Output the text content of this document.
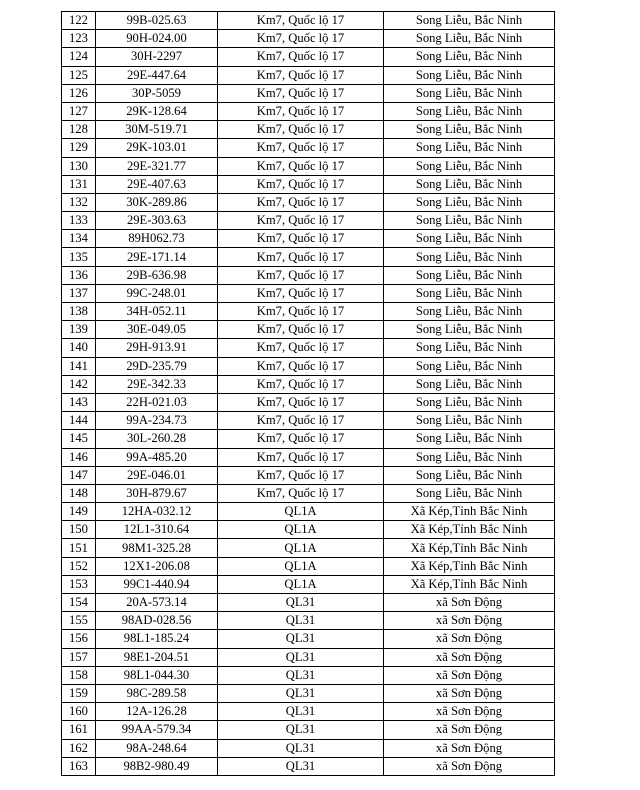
122	99B-025.63	Km7, Quốc lộ 17	Song Liễu, Bắc Ninh
123	90H-024.00	Km7, Quốc lộ 17	Song Liễu, Bắc Ninh
124	30H-2297	Km7, Quốc lộ 17	Song Liễu, Bắc Ninh
125	29E-447.64	Km7, Quốc lộ 17	Song Liễu, Bắc Ninh
126	30P-5059	Km7, Quốc lộ 17	Song Liễu, Bắc Ninh
127	29K-128.64	Km7, Quốc lộ 17	Song Liễu, Bắc Ninh
128	30M-519.71	Km7, Quốc lộ 17	Song Liễu, Bắc Ninh
129	29K-103.01	Km7, Quốc lộ 17	Song Liễu, Bắc Ninh
130	29E-321.77	Km7, Quốc lộ 17	Song Liễu, Bắc Ninh
131	29E-407.63	Km7, Quốc lộ 17	Song Liễu, Bắc Ninh
132	30K-289.86	Km7, Quốc lộ 17	Song Liễu, Bắc Ninh
133	29E-303.63	Km7, Quốc lộ 17	Song Liễu, Bắc Ninh
134	89H062.73	Km7, Quốc lộ 17	Song Liễu, Bắc Ninh
135	29E-171.14	Km7, Quốc lộ 17	Song Liễu, Bắc Ninh
136	29B-636.98	Km7, Quốc lộ 17	Song Liễu, Bắc Ninh
137	99C-248.01	Km7, Quốc lộ 17	Song Liễu, Bắc Ninh
138	34H-052.11	Km7, Quốc lộ 17	Song Liễu, Bắc Ninh
139	30E-049.05	Km7, Quốc lộ 17	Song Liễu, Bắc Ninh
140	29H-913.91	Km7, Quốc lộ 17	Song Liễu, Bắc Ninh
141	29D-235.79	Km7, Quốc lộ 17	Song Liễu, Bắc Ninh
142	29E-342.33	Km7, Quốc lộ 17	Song Liễu, Bắc Ninh
143	22H-021.03	Km7, Quốc lộ 17	Song Liễu, Bắc Ninh
144	99A-234.73	Km7, Quốc lộ 17	Song Liễu, Bắc Ninh
145	30L-260.28	Km7, Quốc lộ 17	Song Liễu, Bắc Ninh
146	99A-485.20	Km7, Quốc lộ 17	Song Liễu, Bắc Ninh
147	29E-046.01	Km7, Quốc lộ 17	Song Liễu, Bắc Ninh
148	30H-879.67	Km7, Quốc lộ 17	Song Liễu, Bắc Ninh
149	12HA-032.12	QL1A	Xã Kép,Tỉnh Bắc Ninh
150	12L1-310.64	QL1A	Xã Kép,Tỉnh Bắc Ninh
151	98M1-325.28	QL1A	Xã Kép,Tỉnh Bắc Ninh
152	12X1-206.08	QL1A	Xã Kép,Tỉnh Bắc Ninh
153	99C1-440.94	QL1A	Xã Kép,Tỉnh Bắc Ninh
154	20A-573.14	QL31	xã Sơn Động
155	98AD-028.56	QL31	xã Sơn Động
156	98L1-185.24	QL31	xã Sơn Động
157	98E1-204.51	QL31	xã Sơn Động
158	98L1-044.30	QL31	xã Sơn Động
159	98C-289.58	QL31	xã Sơn Động
160	12A-126.28	QL31	xã Sơn Động
161	99AA-579.34	QL31	xã Sơn Động
162	98A-248.64	QL31	xã Sơn Động
163	98B2-980.49	QL31	xã Sơn Động
